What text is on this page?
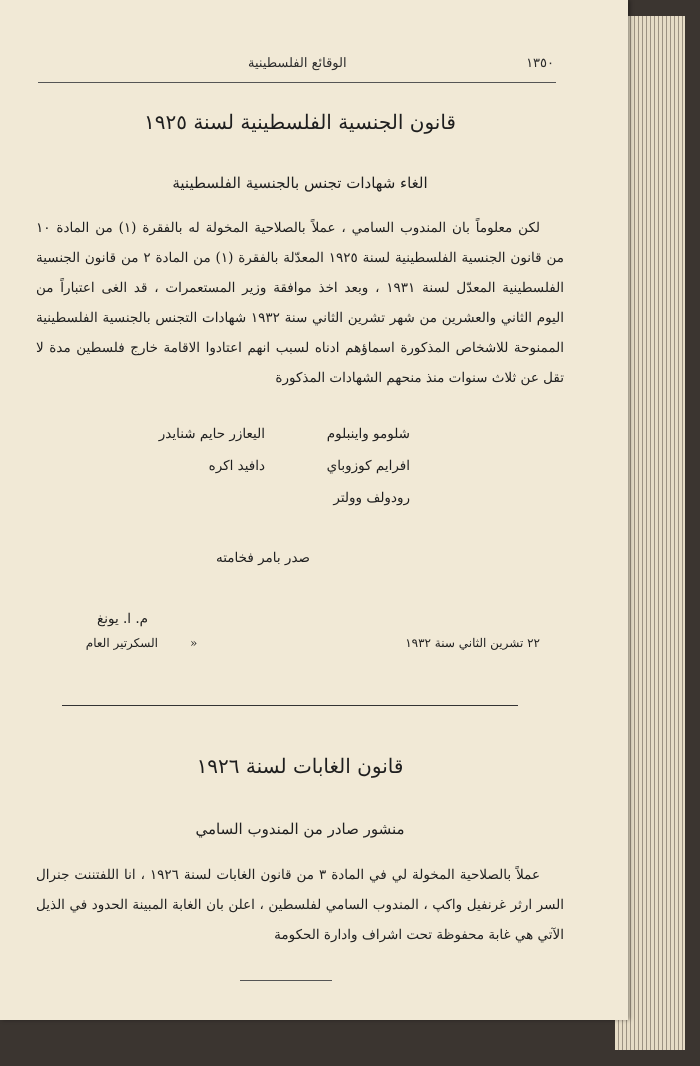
١٣٥٠
الوقائع الفلسطينية
قانون الجنسية الفلسطينية لسنة ١٩٢٥
الغاء شهادات تجنس بالجنسية الفلسطينية
لكن معلوماً بان المندوب السامي ، عملاً بالصلاحية المخولة له بالفقرة (١) من المادة ١٠
من قانون الجنسية الفلسطينية لسنة ١٩٢٥ المعدّلة بالفقرة (١) من المادة ٢ من قانون الجنسية
الفلسطينية المعدّل لسنة ١٩٣١ ، وبعد اخذ موافقة وزير المستعمرات ، قد الغى اعتباراً من
اليوم الثاني والعشرين من شهر تشرين الثاني سنة ١٩٣٢ شهادات التجنس بالجنسية الفلسطينية
الممنوحة للاشخاص المذكورة اسماؤهم ادناه لسبب انهم اعتادوا الاقامة خارج فلسطين مدة لا
تقل عن ثلاث سنوات منذ منحهم الشهادات المذكورة
شلومو واينبلوم
افرايم كوزوباي
رودولف وولتر
اليعازر حايم شنايدر
دافيد اكره
صدر بامر فخامته
م. ا. يونغ
السكرتير العام	»	٢٢ تشرين الثاني سنة ١٩٣٢
قانون الغابات لسنة ١٩٢٦
منشور صادر من المندوب السامي
عملاً بالصلاحية المخولة لي في المادة ٣ من قانون الغابات لسنة ١٩٢٦ ، انا اللفتننت جنرال
السر ارثر غرنفيل واكپ ، المندوب السامي لفلسطين ، اعلن بان الغابة المبينة الحدود في الذيل
الآتي هي غابة محفوظة تحت اشراف وادارة الحكومة
